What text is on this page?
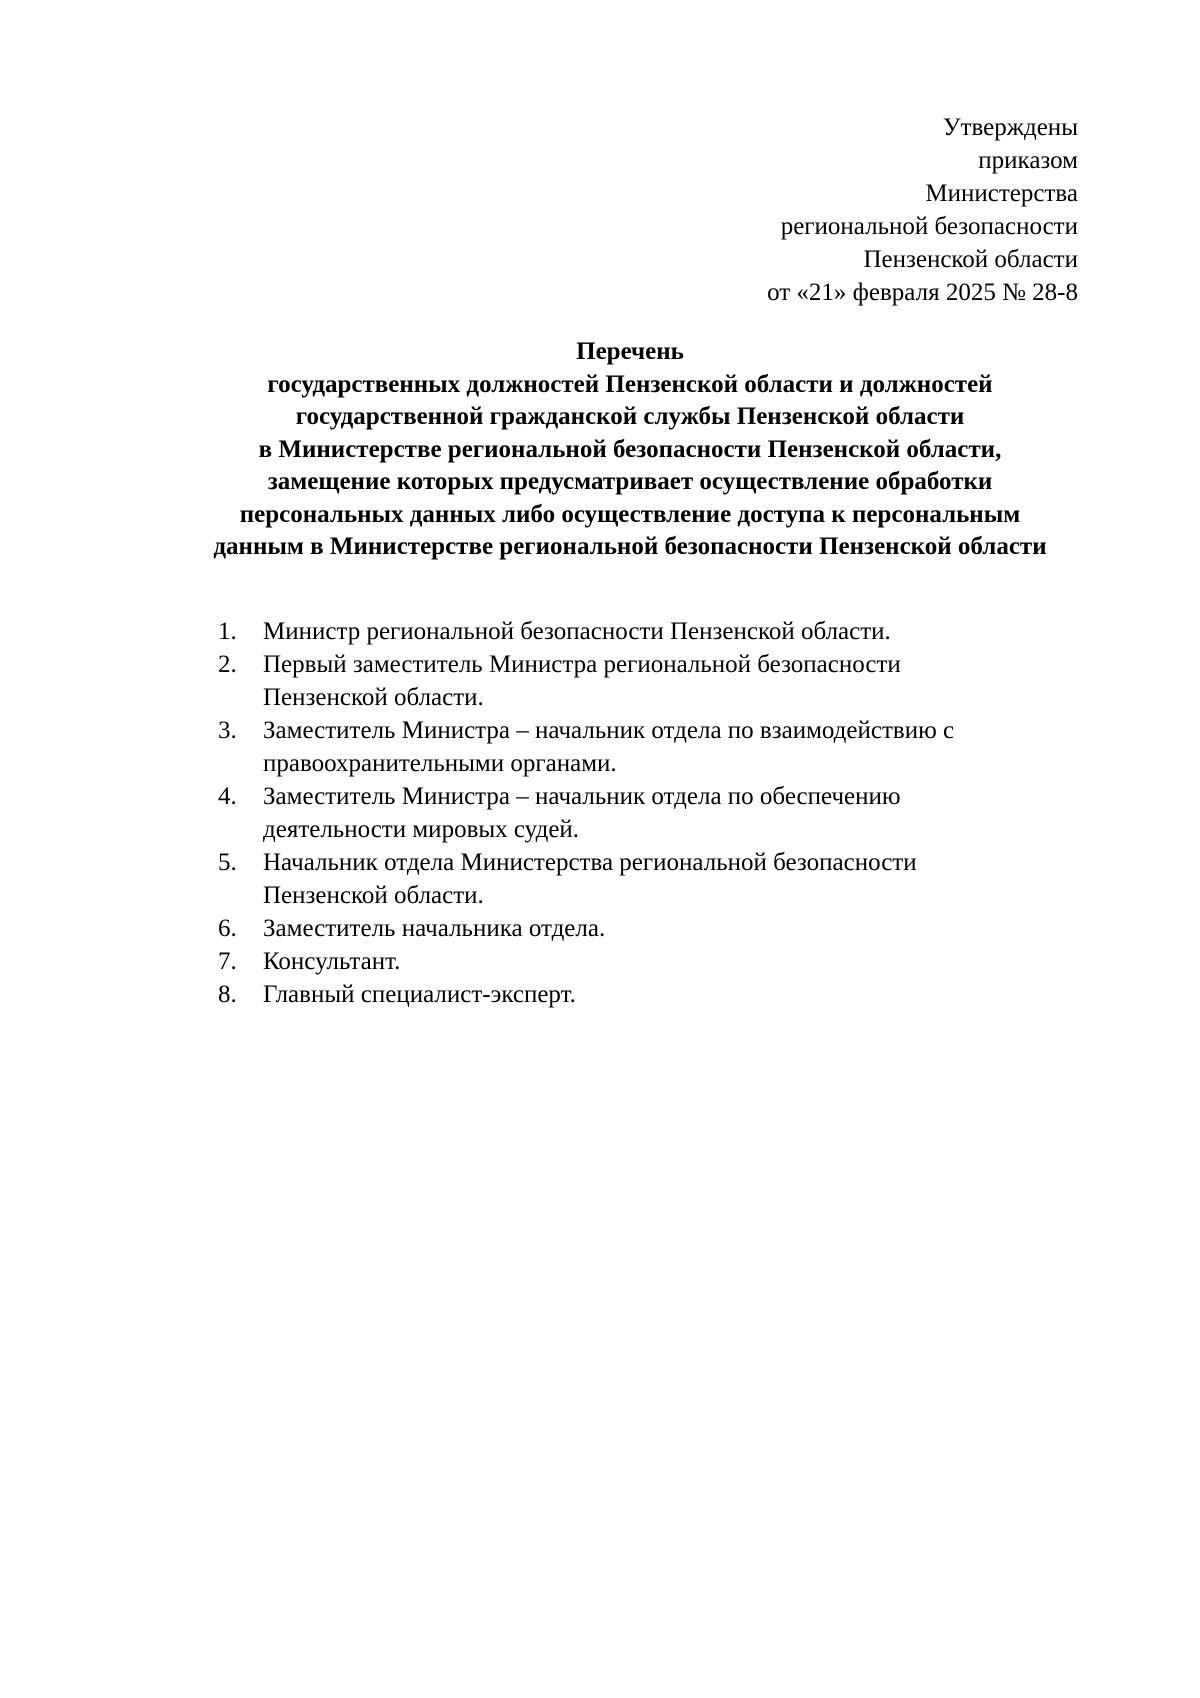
Утверждены
приказом
Министерства
региональной безопасности
Пензенской области
от «21» февраля 2025 № 28-8
Перечень
государственных должностей Пензенской области и должностей
государственной гражданской службы Пензенской области
в Министерстве региональной безопасности Пензенской области,
замещение которых предусматривает осуществление обработки
персональных данных либо осуществление доступа к персональным
данным в Министерстве региональной безопасности Пензенской области
1.	Министр региональной безопасности Пензенской области.
2.	Первый заместитель Министра региональной безопасности
Пензенской области.
3.	Заместитель Министра – начальник отдела по взаимодействию с
правоохранительными органами.
4.	Заместитель Министра – начальник отдела по обеспечению
деятельности мировых судей.
5.	Начальник отдела Министерства региональной безопасности
Пензенской области.
6.	Заместитель начальника отдела.
7.	Консультант.
8.	Главный специалист-эксперт.
